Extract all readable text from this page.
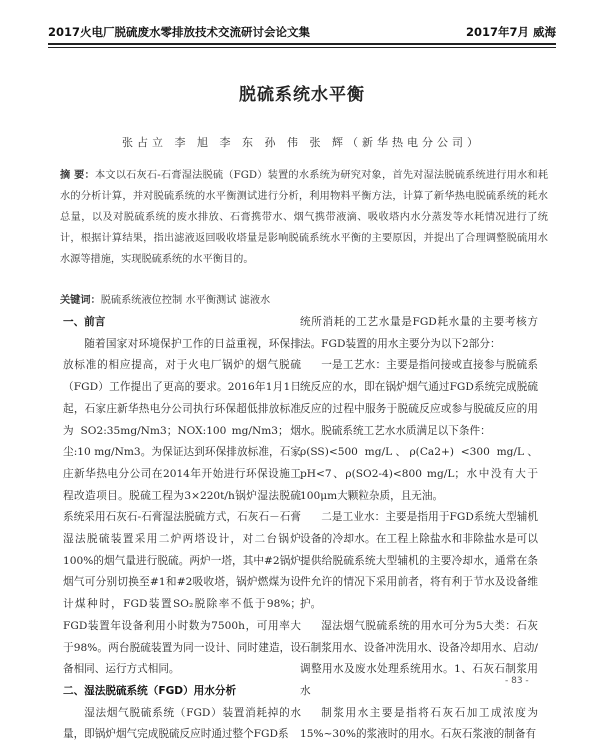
2017火电厂脱硫废水零排放技术交流研讨会论文集	2017年7月 威海
脱硫系统水平衡
张占立 李 旭 李 东 孙 伟 张 辉（新华热电分公司）
摘 要：本文以石灰石-石膏湿法脱硫（FGD）装置的水系统为研究对象，首先对湿法脱硫系统进行用水和耗水的分析计算，并对脱硫系统的水平衡测试进行分析，利用物料平衡方法，计算了新华热电脱硫系统的耗水总量，以及对脱硫系统的废水排放、石膏携带水、烟气携带液滴、吸收塔内水分蒸发等水耗情况进行了统计，根据计算结果，指出滤液返回吸收塔量是影响脱硫系统水平衡的主要原因，并提出了合理调整脱硫用水水源等措施，实现脱硫系统的水平衡目的。
关键词：脱硫系统液位控制 水平衡测试 滤液水
一、前言

随着国家对环境保护工作的日益重视，环保排放标准的相应提高，对于火电厂锅炉的烟气脱硫（FGD）工作提出了更高的要求。2016年1月1日起，石家庄新华热电分公司执行环保超低排放标准为 SO2:35mg/Nm3；NOX:100 mg/Nm3；烟尘:10 mg/Nm3。为保证达到环保排放标准，石家庄新华热电分公司在2014年开始进行环保设施工程改造项目。脱硫工程为3×220t/h锅炉湿法脱硫系统采用石灰石-石膏湿法脱硫方式，石灰石－石膏湿法脱硫装置采用二炉两塔设计，对二台锅炉100%的烟气量进行脱硫。两炉一塔，其中#2锅炉烟气可分别切换至#1和#2吸收塔，锅炉燃煤为设计煤种时，FGD装置SO₂脱除率不低于98%；FGD装置年设备利用小时数为7500h，可用率大于98%。两台脱硫装置为同一设计、同时建造，设备相同、运行方式相同。

二、湿法脱硫系统（FGD）用水分析

湿法烟气脱硫系统（FGD）装置消耗掉的水量，即锅炉烟气完成脱硫反应时通过整个FGD系

统所消耗的工艺水量是FGD耗水量的主要考核方法。FGD装置的用水主要分为以下2部分：

一是工艺水：主要是指问接或直接参与脱硫系统反应的水，即在锅炉烟气通过FGD系统完成脱硫反应的过程中服务于脱硫反应或参与脱硫反应的用水。脱硫系统工艺水水质满足以下条件：

ρ(SS)<500 mg/L、ρ(Ca2+) <300 mg/L、pH<7、ρ(SO2-4)<800 mg/L；水中没有大于100μm大颗粒杂质，且无油。

二是工业水：主要是指用于FGD系统大型辅机设备的冷却水。在工程上除盐水和非除盐水是可以提供给脱硫系统大型辅机的主要冷却水，通常在条件允许的情况下采用前者，将有利于节水及设备维护。

湿法烟气脱硫系统的用水可分为5大类：石灰石制浆用水、设备冲洗用水、设备冷却用水、启动/调整用水及废水处理系统用水。1、石灰石制浆用水

制浆用水主要是指将石灰石加工成浓度为15%~30%的浆液时的用水。石灰石浆液的制备有

- 83 -
